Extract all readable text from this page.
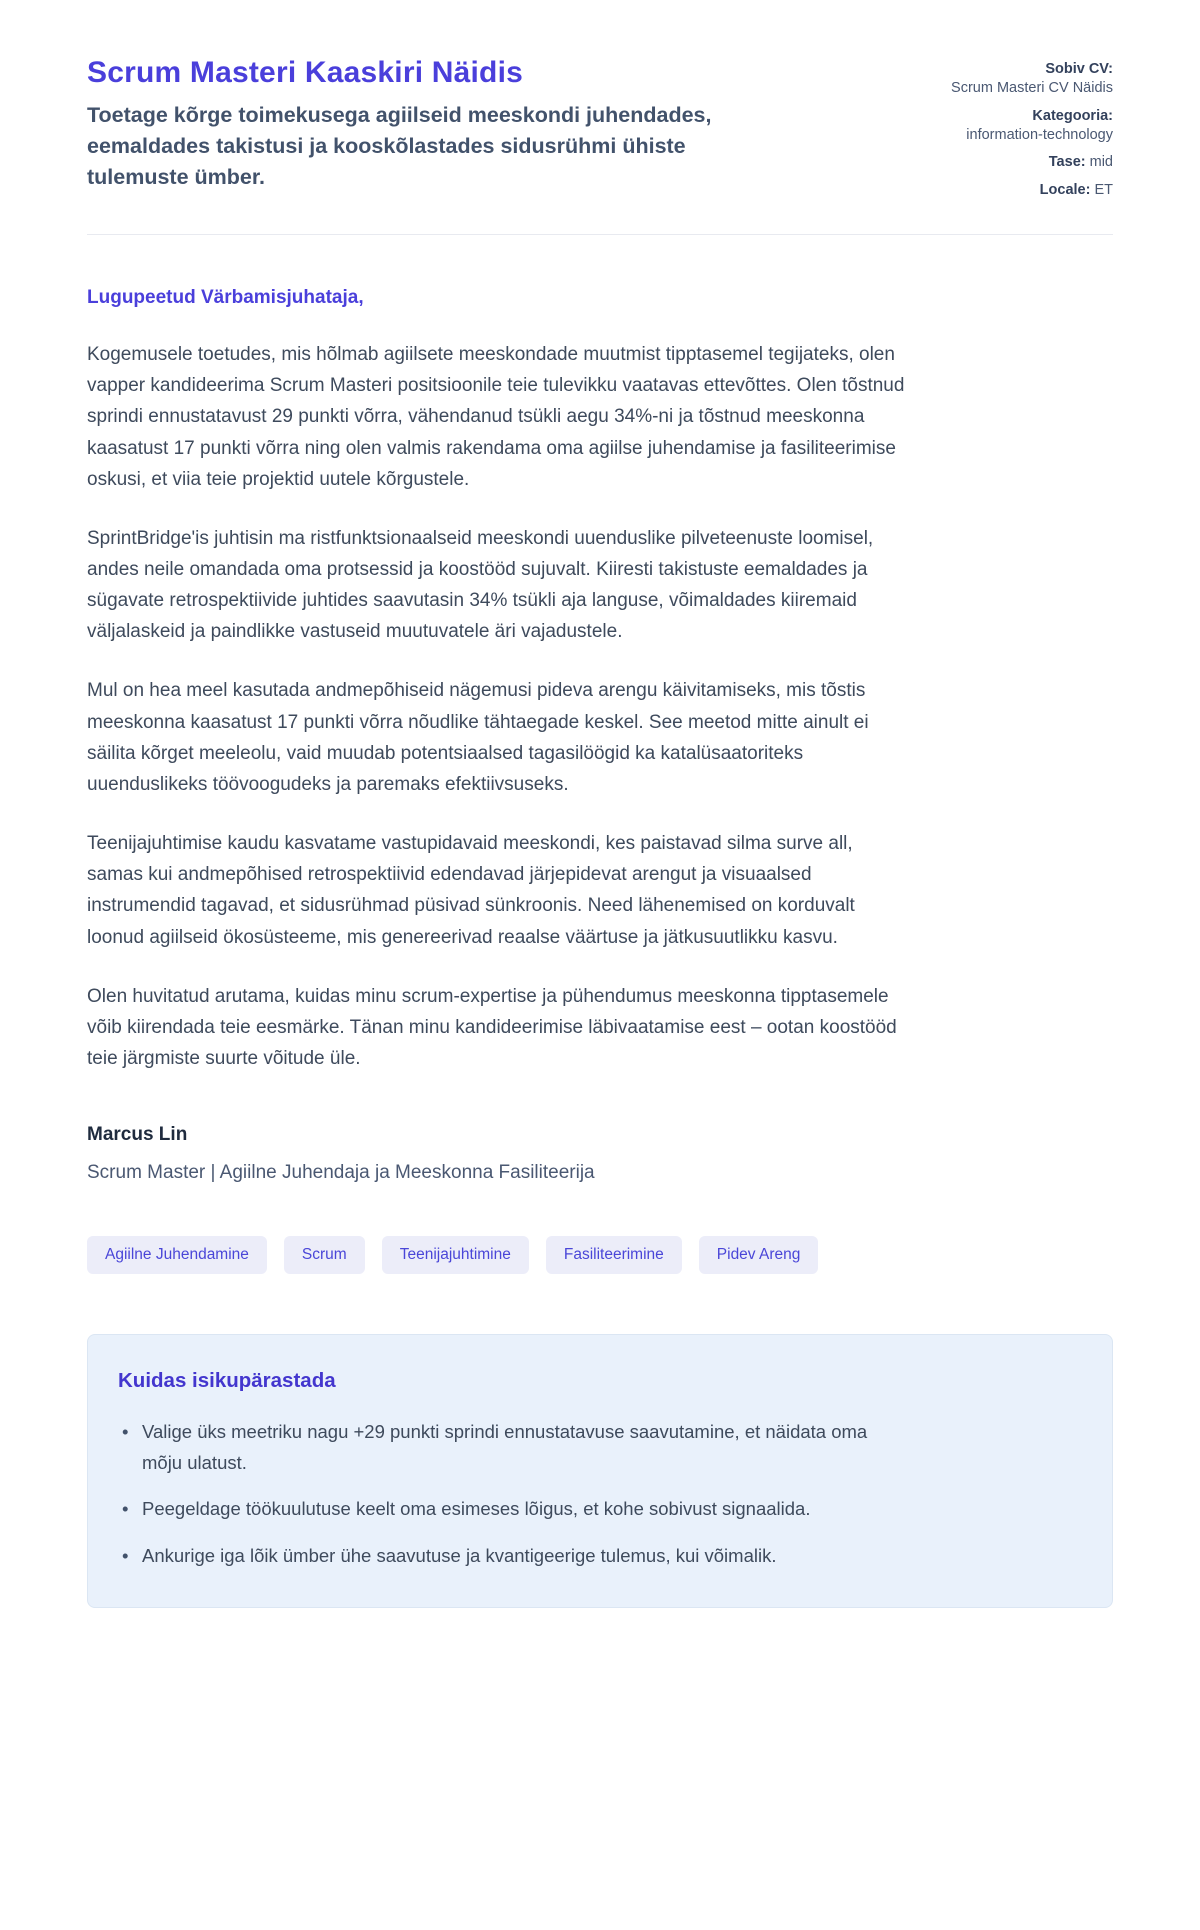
Scrum Masteri Kaaskiri Näidis
Toetage kõrge toimekusega agiilseid meeskondi juhendades, eemaldades takistusi ja kooskõlastades sidusrühmi ühiste tulemuste ümber.
Sobiv CV:
Scrum Masteri CV Näidis
Kategooria:
information-technology
Tase: mid
Locale: ET

Lugupeetud Värbamisjuhataja,

Kogemusele toetudes, mis hõlmab agiilsete meeskondade muutmist tipptasemel tegijateks, olen vapper kandideerima Scrum Masteri positsioonile teie tulevikku vaatavas ettevõttes. Olen tõstnud sprindi ennustatavust 29 punkti võrra, vähendanud tsükli aegu 34%-ni ja tõstnud meeskonna kaasatust 17 punkti võrra ning olen valmis rakendama oma agiilse juhendamise ja fasiliteerimise oskusi, et viia teie projektid uutele kõrgustele.

SprintBridge'is juhtisin ma ristfunktsionaalseid meeskondi uuenduslike pilveteenuste loomisel, andes neile omandada oma protsessid ja koostööd sujuvalt. Kiiresti takistuste eemaldades ja sügavate retrospektiivide juhtides saavutasin 34% tsükli aja languse, võimaldades kiiremaid väljalaskeid ja paindlikke vastuseid muutuvatele äri vajadustele.

Mul on hea meel kasutada andmepõhiseid nägemusi pideva arengu käivitamiseks, mis tõstis meeskonna kaasatust 17 punkti võrra nõudlike tähtaegade keskel. See meetod mitte ainult ei säilita kõrget meeleolu, vaid muudab potentsiaalsed tagasilöögid ka katalüsaatoriteks uuenduslikeks töövoogudeks ja paremaks efektiivsuseks.

Teenijajuhtimise kaudu kasvatame vastupidavaid meeskondi, kes paistavad silma surve all, samas kui andmepõhised retrospektiivid edendavad järjepidevat arengut ja visuaalsed instrumendid tagavad, et sidusrühmad püsivad sünkroonis. Need lähenemised on korduvalt loonud agiilseid ökosüsteeme, mis genereerivad reaalse väärtuse ja jätkusuutlikku kasvu.

Olen huvitatud arutama, kuidas minu scrum-expertise ja pühendumus meeskonna tipptasemele võib kiirendada teie eesmärke. Tänan minu kandideerimise läbivaatamise eest – ootan koostööd teie järgmiste suurte võitude üle.

Marcus Lin
Scrum Master | Agiilne Juhendaja ja Meeskonna Fasiliteerija
Agiilne Juhendamine	Scrum	Teenijajuhtimine	Fasiliteerimine	Pidev Areng
Kuidas isikupärastada
• Valige üks meetriku nagu +29 punkti sprindi ennustatavuse saavutamine, et näidata oma mõju ulatust.
• Peegeldage töökuulutuse keelt oma esimeses lõigus, et kohe sobivust signaalida.
• Ankurige iga lõik ümber ühe saavutuse ja kvantigeerige tulemus, kui võimalik.
